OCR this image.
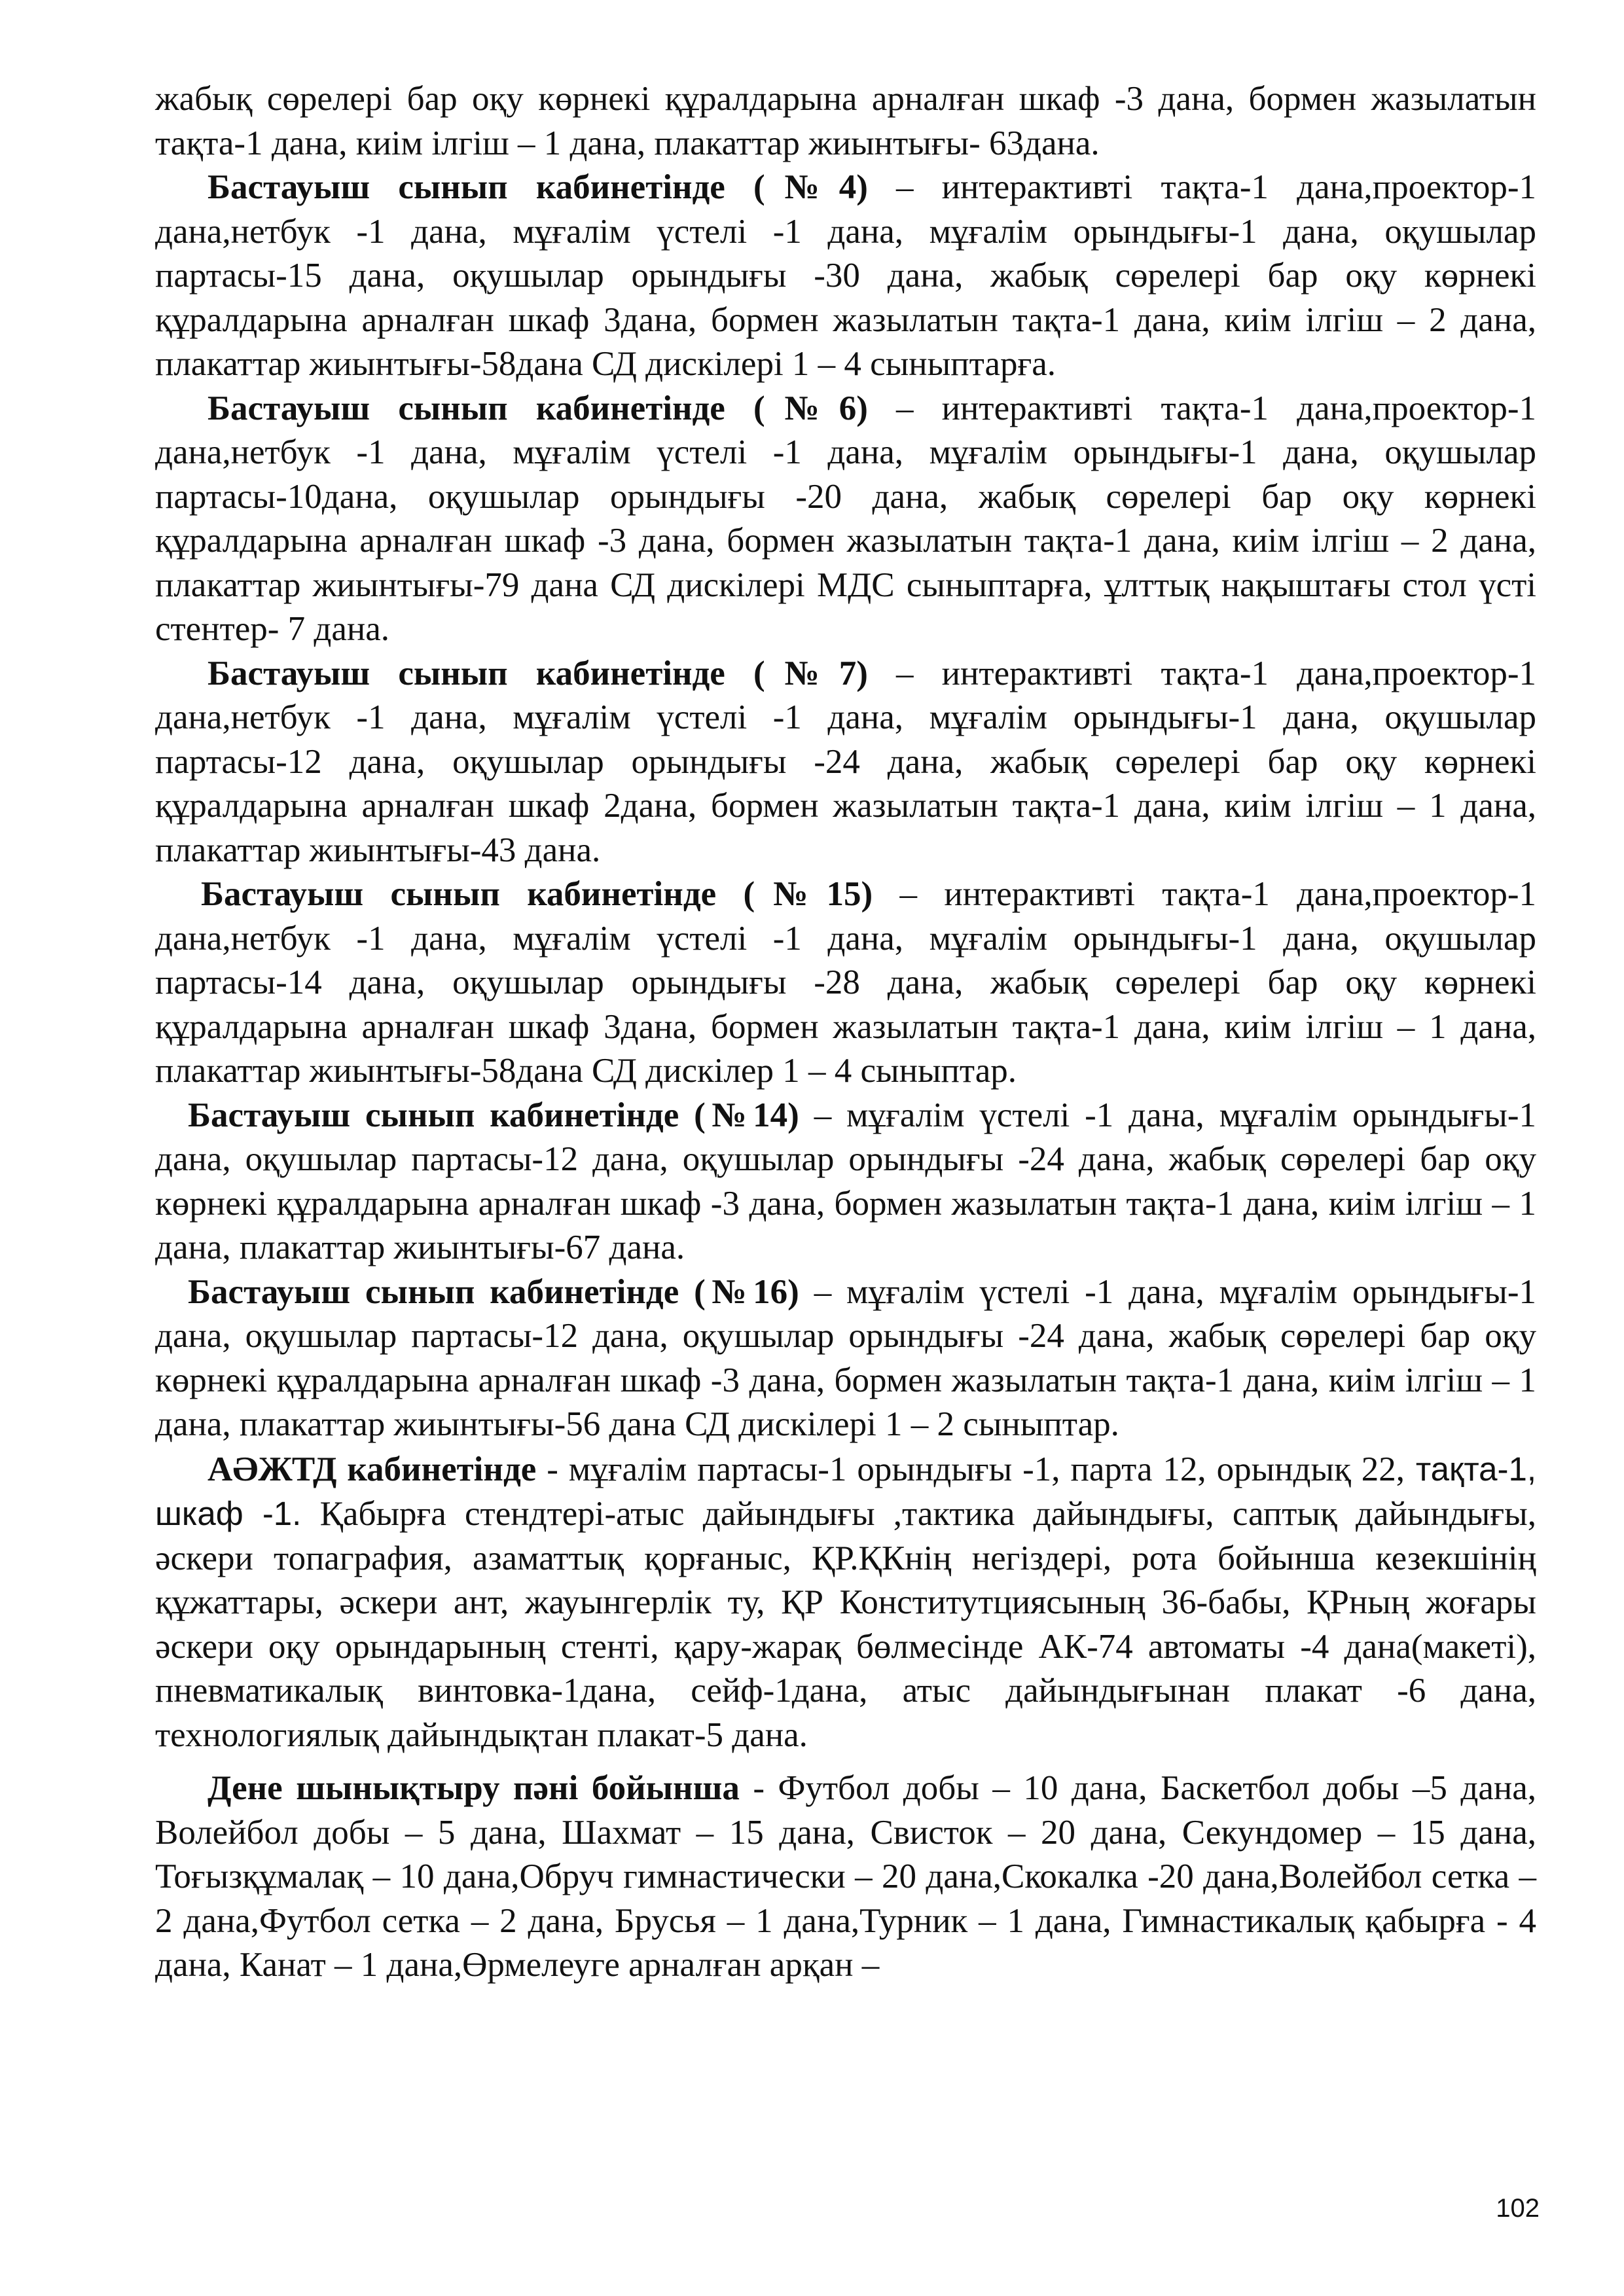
жабық сөрелері бар оқу көрнекі құралдарына арналған шкаф -3 дана, бормен жазылатын тақта-1 дана, киім ілгіш – 1 дана, плакаттар жиынтығы- 63дана.

Бастауыш сынып кабинетінде (№4) – интерактивті тақта-1 дана,проектор-1 дана,нетбук -1 дана, мұғалім үстелі -1 дана, мұғалім орындығы-1 дана, оқушылар партасы-15 дана, оқушылар орындығы -30 дана, жабық сөрелері бар оқу көрнекі құралдарына арналған шкаф 3дана, бормен жазылатын тақта-1 дана, киім ілгіш – 2 дана, плакаттар жиынтығы-58дана СД дискілері 1 – 4 сыныптарға.

Бастауыш сынып кабинетінде (№6) – интерактивті тақта-1 дана,проектор-1 дана,нетбук -1 дана, мұғалім үстелі -1 дана, мұғалім орындығы-1 дана, оқушылар партасы-10дана, оқушылар орындығы -20 дана, жабық сөрелері бар оқу көрнекі құралдарына арналған шкаф -3 дана, бормен жазылатын тақта-1 дана, киім ілгіш – 2 дана, плакаттар жиынтығы-79 дана СД дискілері МДС сыныптарға, ұлттық нақыштағы стол үсті стентер- 7 дана.

Бастауыш сынып кабинетінде (№7) – интерактивті тақта-1 дана,проектор-1 дана,нетбук -1 дана, мұғалім үстелі -1 дана, мұғалім орындығы-1 дана, оқушылар партасы-12 дана, оқушылар орындығы -24 дана, жабық сөрелері бар оқу көрнекі құралдарына арналған шкаф 2дана, бормен жазылатын тақта-1 дана, киім ілгіш – 1 дана, плакаттар жиынтығы-43 дана.

Бастауыш сынып кабинетінде (№15) – интерактивті тақта-1 дана,проектор-1 дана,нетбук -1 дана, мұғалім үстелі -1 дана, мұғалім орындығы-1 дана, оқушылар партасы-14 дана, оқушылар орындығы -28 дана, жабық сөрелері бар оқу көрнекі құралдарына арналған шкаф 3дана, бормен жазылатын тақта-1 дана, киім ілгіш – 1 дана, плакаттар жиынтығы-58дана СД дискілер 1 – 4 сыныптар.

Бастауыш сынып кабинетінде (№14) – мұғалім үстелі -1 дана, мұғалім орындығы-1 дана, оқушылар партасы-12 дана, оқушылар орындығы -24 дана, жабық сөрелері бар оқу көрнекі құралдарына арналған шкаф -3 дана, бормен жазылатын тақта-1 дана, киім ілгіш – 1 дана, плакаттар жиынтығы-67 дана.

Бастауыш сынып кабинетінде (№16) – мұғалім үстелі -1 дана, мұғалім орындығы-1 дана, оқушылар партасы-12 дана, оқушылар орындығы -24 дана, жабық сөрелері бар оқу көрнекі құралдарына арналған шкаф -3 дана, бормен жазылатын тақта-1 дана, киім ілгіш – 1 дана, плакаттар жиынтығы-56 дана СД дискілері 1 – 2 сыныптар.

АӘЖТД кабинетінде - мұғалім партасы-1 орындығы -1, парта 12, орындық 22, тақта-1, шкаф -1. Қабырға стендтері-атыс дайындығы ,тактика дайындығы, саптық дайындығы, әскери топаграфия, азаматтық қорғаныс, ҚР.ҚКнің негіздері, рота бойынша кезекшінің құжаттары, әскери ант, жауынгерлік ту, ҚР Конститутциясының 36-бабы, ҚРның жоғары әскери оқу орындарының стенті, қару-жарақ бөлмесінде АК-74 автоматы -4 дана(макеті), пневматикалық винтовка-1дана, сейф-1дана, атыс дайындығынан плакат -6 дана, технологиялық дайындықтан плакат-5 дана.

Дене шынықтыру пәні бойынша - Футбол добы – 10 дана, Баскетбол добы –5 дана, Волейбол добы – 5 дана, Шахмат – 15 дана, Свисток – 20 дана, Секундомер – 15 дана, Тоғызқұмалақ – 10 дана,Обруч гимнастически – 20 дана,Скокалка -20 дана,Волейбол сетка – 2 дана,Футбол сетка – 2 дана, Брусья – 1 дана,Турник – 1 дана, Гимнастикалық қабырға - 4 дана, Канат – 1 дана,Өрмелеуге арналған арқан –

102
